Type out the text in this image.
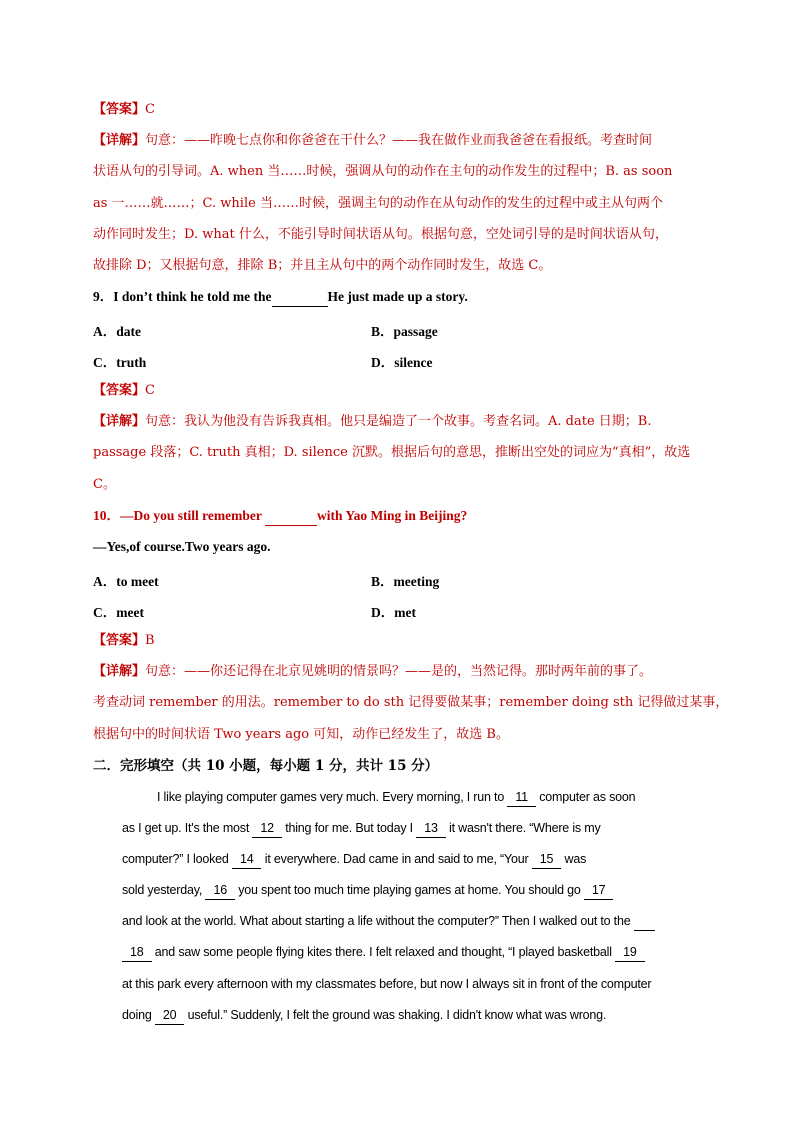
【答案】C
【详解】句意：——昨晚七点你和你爸爸在干什么？——我在做作业而我爸爸在看报纸。考查时间
状语从句的引导词。A. when 当……时候，强调从句的动作在主句的动作发生的过程中；B. as soon
as 一……就……；C. while 当……时候，强调主句的动作在从句动作的发生的过程中或主从句两个
动作同时发生；D. what 什么，不能引导时间状语从句。根据句意，空处词引导的是时间状语从句，
故排除 D；又根据句意，排除 B；并且主从句中的两个动作同时发生，故选 C。
9．I don’t think he told me the	He just made up a story.
A．date	B．passage
C．truth	D．silence
【答案】C
【详解】句意：我认为他没有告诉我真相。他只是编造了一个故事。考查名词。A. date 日期；B.
passage 段落；C. truth 真相；D. silence 沉默。根据后句的意思，推断出空处的词应为“真相”，故选
C。
10．—Do you still remember	with Yao Ming in Beijing?
—Yes,of course.Two years ago.
A．to meet	B．meeting
C．meet	D．met
【答案】B
【详解】句意：——你还记得在北京见姚明的情景吗？——是的，当然记得。那时两年前的事了。
考查动词 remember 的用法。remember to do sth 记得要做某事；remember doing sth 记得做过某事，
根据句中的时间状语 Two years ago 可知，动作已经发生了，故选 B。
二．完形填空（共 10 小题，每小题 1 分，共计 15 分）
I like playing computer games very much. Every morning, I run to 11 computer as soon
as I get up. It's the most 12 thing for me. But today I 13 it wasn't there. “Where is my
computer?” I looked 14 it everywhere. Dad came in and said to me, “Your 15 was
sold yesterday, 16 you spent too much time playing games at home. You should go 17
and look at the world. What about starting a life without the computer?” Then I walked out to the
18 and saw some people flying kites there. I felt relaxed and thought, “I played basketball 19
at this park every afternoon with my classmates before, but now I always sit in front of the computer
doing 20 useful.” Suddenly, I felt the ground was shaking. I didn't know what was wrong.
